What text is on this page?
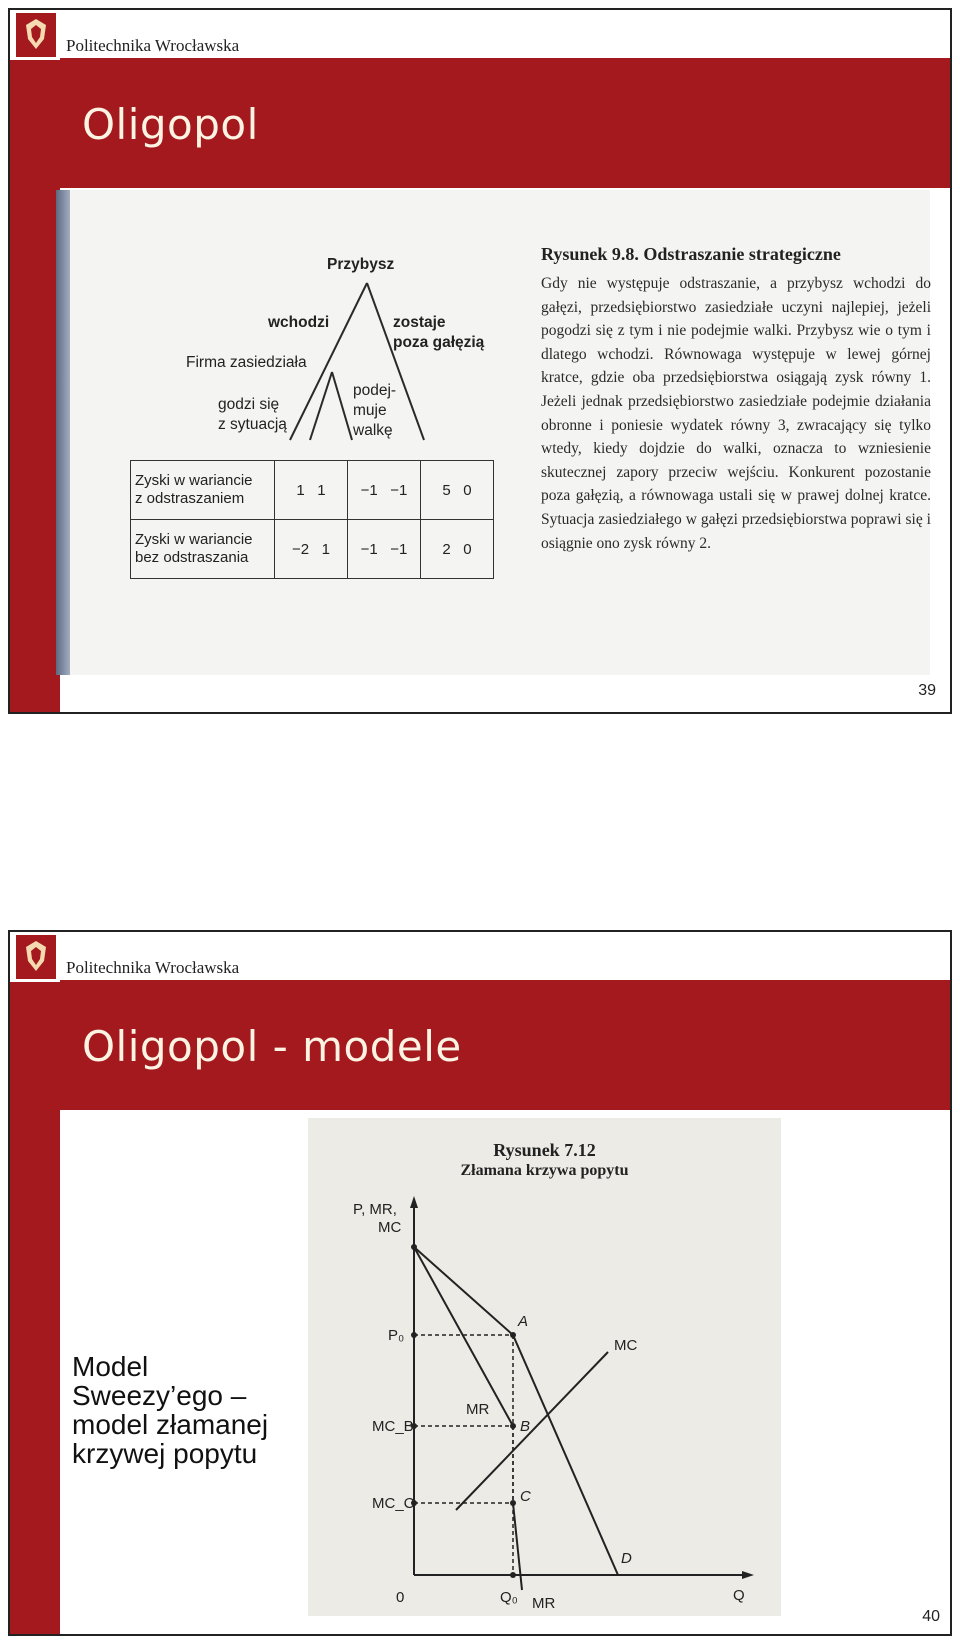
Politechnika Wrocławska
Oligopol
39
Przybysz
wchodzi	zostaje
poza gałęzią
Firma zasiedziała
godzi się
z sytuacją
podej-
muje
walkę
Zyski w wariancie
z odstraszaniem	1   1	−1   −1	5   0
Zyski w wariancie
bez odstraszania	−2   1	−1   −1	2   0
Rysunek 9.8. Odstraszanie strategiczne

Gdy nie występuje odstraszanie, a przybysz wchodzi do gałęzi, przedsiębiorstwo zasiedziałe uczyni najlepiej, jeżeli pogodzi się z tym i nie podejmie walki. Przybysz wie o tym i dlatego wchodzi. Równowaga występuje w lewej górnej kratce, gdzie oba przedsiębiorstwa osiągają zysk równy 1. Jeżeli jednak przedsiębiorstwo zasiedziałe podejmie działania obronne i poniesie wydatek równy 3, zwracający się tylko wtedy, kiedy dojdzie do walki, oznacza to wzniesienie skutecznej zapory przeciw wejściu. Konkurent pozostanie poza gałęzią, a równowaga ustali się w prawej dolnej kratce. Sytuacja zasiedziałego w gałęzi przedsiębiorstwa poprawi się i osiągnie ono zysk równy 2.

Politechnika Wrocławska
Oligopol - modele
40
Model
Sweezy’ego –
model złamanej
krzywej popytu
Rysunek 7.12
Złamana krzywa popytu
P, MR,
MC
Q
0
P₀
MC_B
MC_C
Q₀
A
B
C
D
MC
MR
MR
